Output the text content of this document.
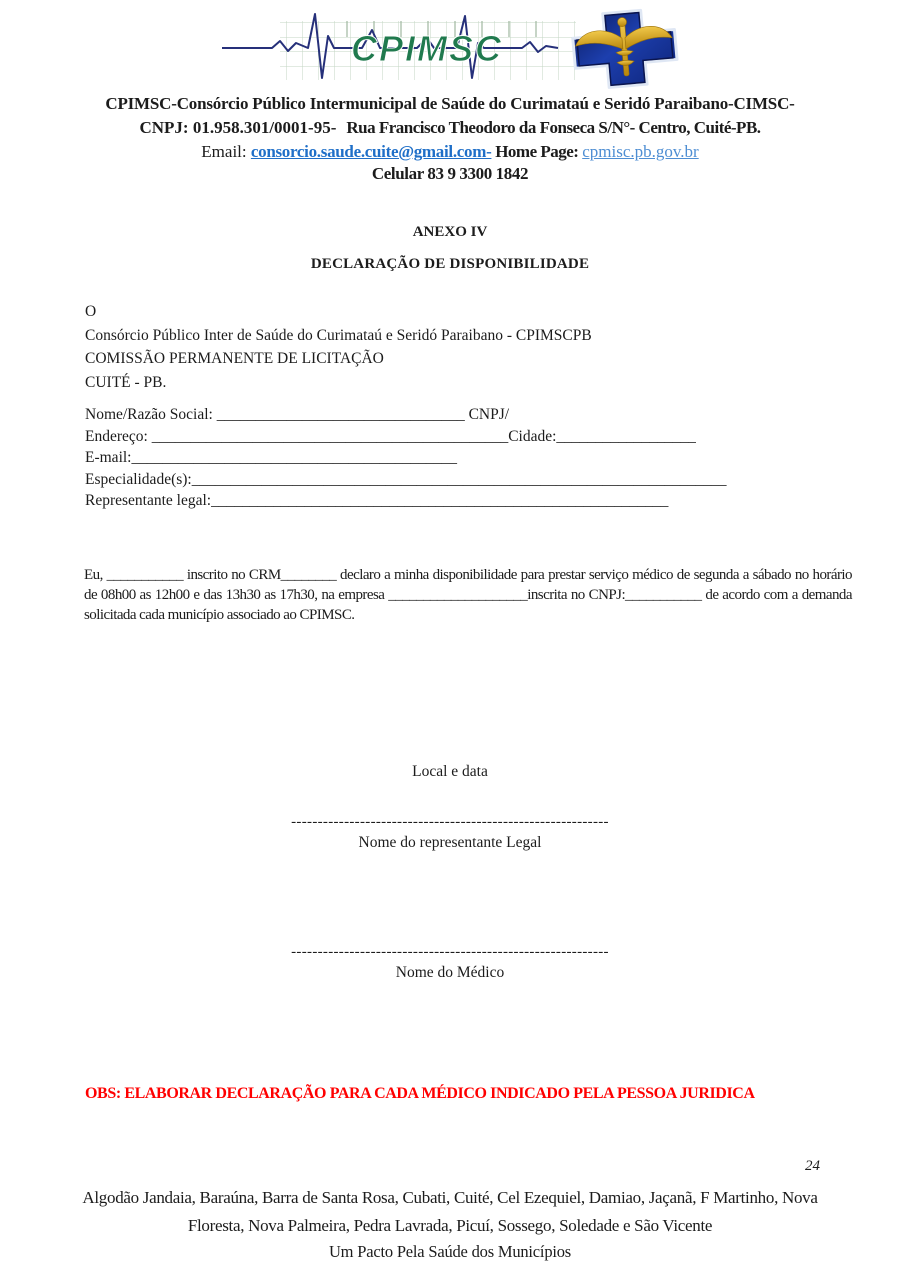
CPIMSC
CPIMSC-Consórcio Público Intermunicipal de Saúde do Curimataú e Seridó Paraibano-CIMSC-
CNPJ: 01.958.301/0001-95- Rua Francisco Theodoro da Fonseca S/N°- Centro, Cuité-PB.
Email: consorcio.saude.cuite@gmail.com- Home Page: cpmisc.pb.gov.br
Celular 83 9 3300 1842
ANEXO IV
DECLARAÇÃO DE DISPONIBILIDADE
O
Consórcio Público Inter de Saúde do Curimataú e Seridó Paraibano - CPIMSCPB
COMISSÃO PERMANENTE DE LICITAÇÃO
CUITÉ - PB.
Nome/Razão Social: ________________________________ CNPJ/
Endereço: ______________________________________________Cidade:__________________
E-mail:__________________________________________
Especialidade(s):_____________________________________________________________________
Representante legal:___________________________________________________________
Eu, ___________ inscrito no CRM________ declaro a minha disponibilidade para prestar serviço médico de segunda a sábado no horário de 08h00 as 12h00 e das 13h30 as 17h30, na empresa ____________________inscrita no CNPJ:___________ de acordo com a demanda solicitada cada município associado ao CPIMSC.
Local e data
------------------------------------------------------------
Nome do representante Legal
------------------------------------------------------------
Nome do Médico
OBS: ELABORAR DECLARAÇÃO PARA CADA MÉDICO INDICADO PELA PESSOA JURIDICA
24
Algodão Jandaia, Baraúna, Barra de Santa Rosa, Cubati, Cuité, Cel Ezequiel, Damiao, Jaçanã, F Martinho, Nova
Floresta, Nova Palmeira, Pedra Lavrada, Picuí, Sossego, Soledade e São Vicente
Um Pacto Pela Saúde dos Municípios
